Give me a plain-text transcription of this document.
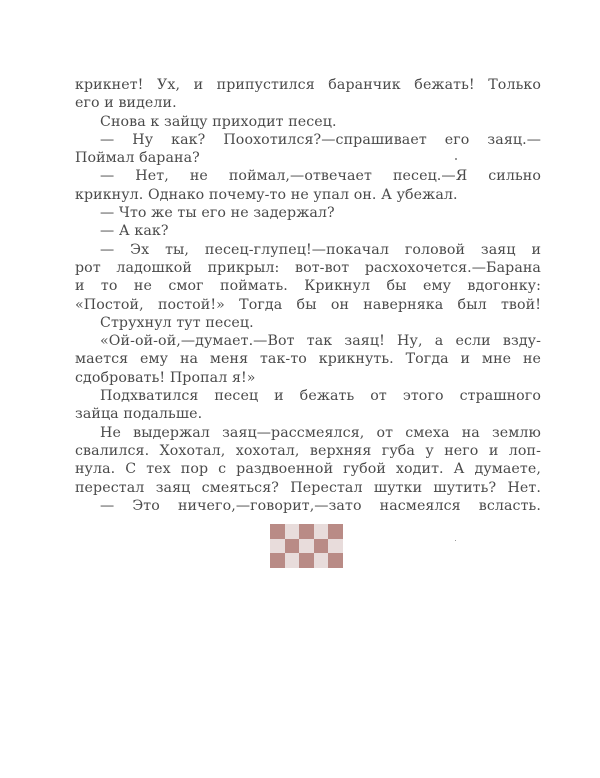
крикнет! Ух, и припустился баранчик бежать! Только
его и видели.
Снова к зайцу приходит песец.
— Ну как? Поохотился?—спрашивает его заяц.—
Поймал барана?
— Нет, не поймал,—отвечает песец.—Я сильно
крикнул. Однако почему-то не упал он. А убежал.
— Что же ты его не задержал?
— А как?
— Эх ты, песец-глупец!—покачал головой заяц и
рот ладошкой прикрыл: вот-вот расхохочется.—Барана
и то не смог поймать. Крикнул бы ему вдогонку:
«Постой, постой!» Тогда бы он наверняка был твой!
Струхнул тут песец.
«Ой-ой-ой,—думает.—Вот так заяц! Ну, а если взду-
мается ему на меня так-то крикнуть. Тогда и мне не
сдобровать! Пропал я!»
Подхватился песец и бежать от этого страшного
зайца подальше.
Не выдержал заяц—рассмеялся, от смеха на землю
свалился. Хохотал, хохотал, верхняя губа у него и лоп-
нула. С тех пор с раздвоенной губой ходит. А думаете,
перестал заяц смеяться? Перестал шутки шутить? Нет.
— Это ничего,—говорит,—зато насмеялся всласть.
